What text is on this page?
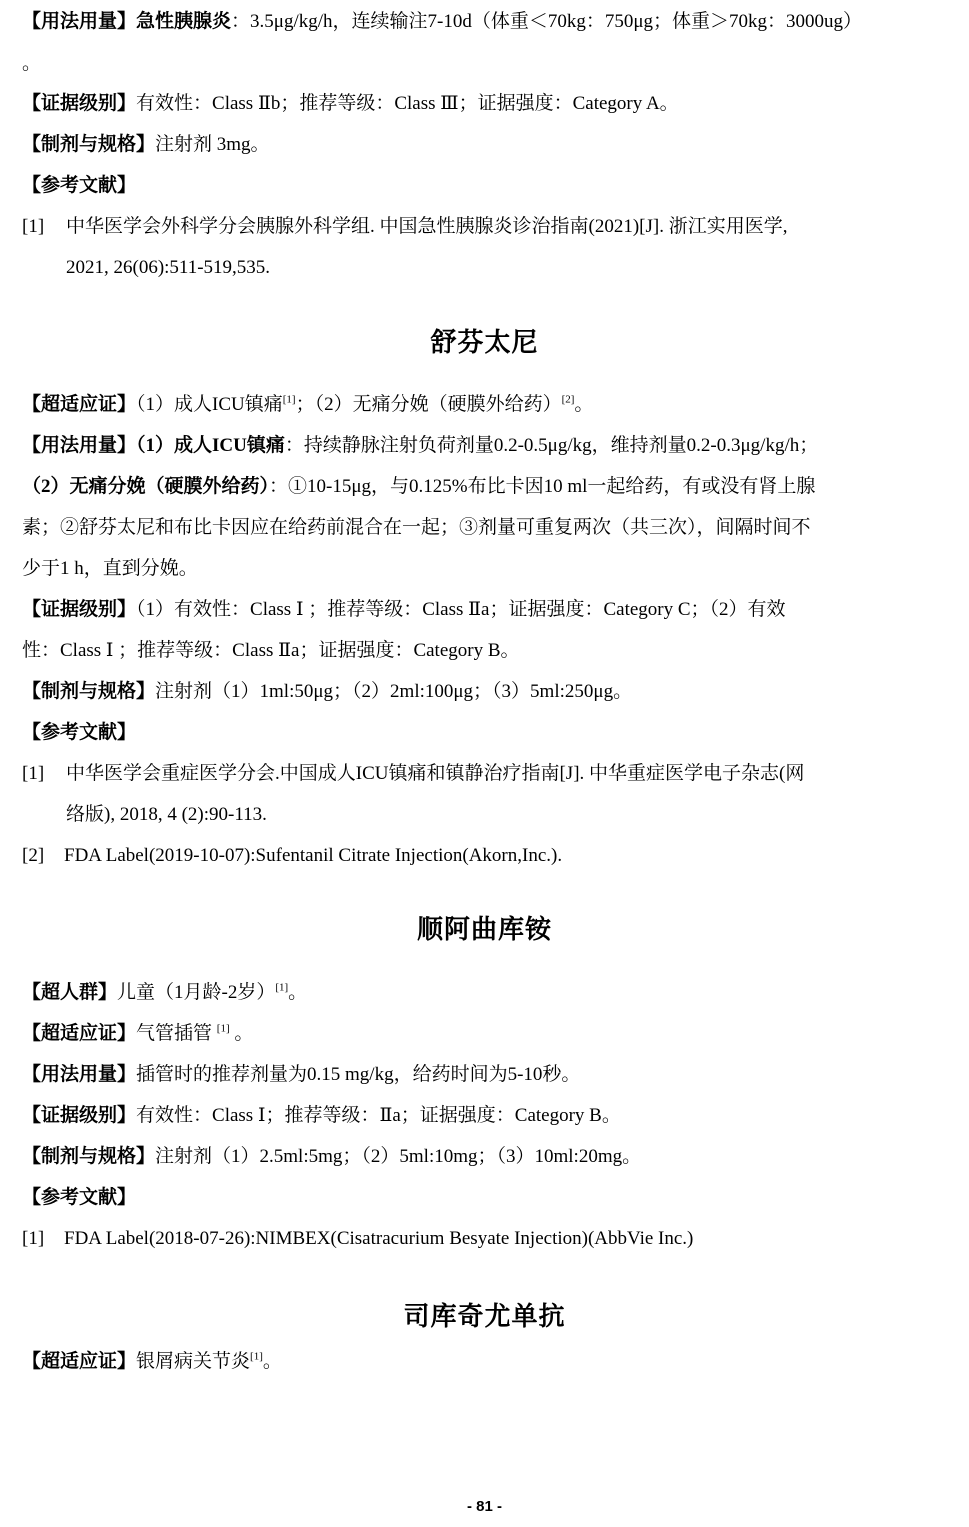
【用法用量】急性胰腺炎：3.5μg/kg/h，连续输注7-10d（体重＜70kg：750μg；体重＞70kg：3000ug）
。
【证据级别】有效性：Class Ⅱb；推荐等级：Class Ⅲ；证据强度：Category A。
【制剂与规格】注射剂 3mg。
【参考文献】
[1]	中华医学会外科学分会胰腺外科学组. 中国急性胰腺炎诊治指南(2021)[J]. 浙江实用医学,
2021, 26(06):511-519,535.
舒芬太尼
【超适应证】（1）成人ICU镇痛[1]；（2）无痛分娩（硬膜外给药）[2]。
【用法用量】（1）成人ICU镇痛：持续静脉注射负荷剂量0.2-0.5μg/kg，维持剂量0.2-0.3μg/kg/h；
（2）无痛分娩（硬膜外给药）：①10-15μg，与0.125%布比卡因10 ml一起给药，有或没有肾上腺
素；②舒芬太尼和布比卡因应在给药前混合在一起；③剂量可重复两次（共三次），间隔时间不
少于1 h，直到分娩。
【证据级别】（1）有效性：Class Ⅰ ；推荐等级：Class Ⅱa；证据强度：Category C；（2）有效
性：Class Ⅰ ；推荐等级：Class Ⅱa；证据强度：Category B。
【制剂与规格】注射剂（1）1ml:50μg；（2）2ml:100μg；（3）5ml:250μg。
【参考文献】
[1]	中华医学会重症医学分会.中国成人ICU镇痛和镇静治疗指南[J]. 中华重症医学电子杂志(网
络版), 2018, 4 (2):90-113.
[2]	FDA Label(2019-10-07):Sufentanil Citrate Injection(Akorn,Inc.).
顺阿曲库铵
【超人群】儿童（1月龄-2岁）[1]。
【超适应证】气管插管 [1] 。
【用法用量】插管时的推荐剂量为0.15 mg/kg，给药时间为5-10秒。
【证据级别】有效性：Class Ⅰ；推荐等级：Ⅱa；证据强度：Category B。
【制剂与规格】注射剂（1）2.5ml:5mg；（2）5ml:10mg；（3）10ml:20mg。
【参考文献】
[1]	FDA Label(2018-07-26):NIMBEX(Cisatracurium Besyate Injection)(AbbVie Inc.)
司库奇尤单抗
【超适应证】银屑病关节炎[1]。
- 81 -
